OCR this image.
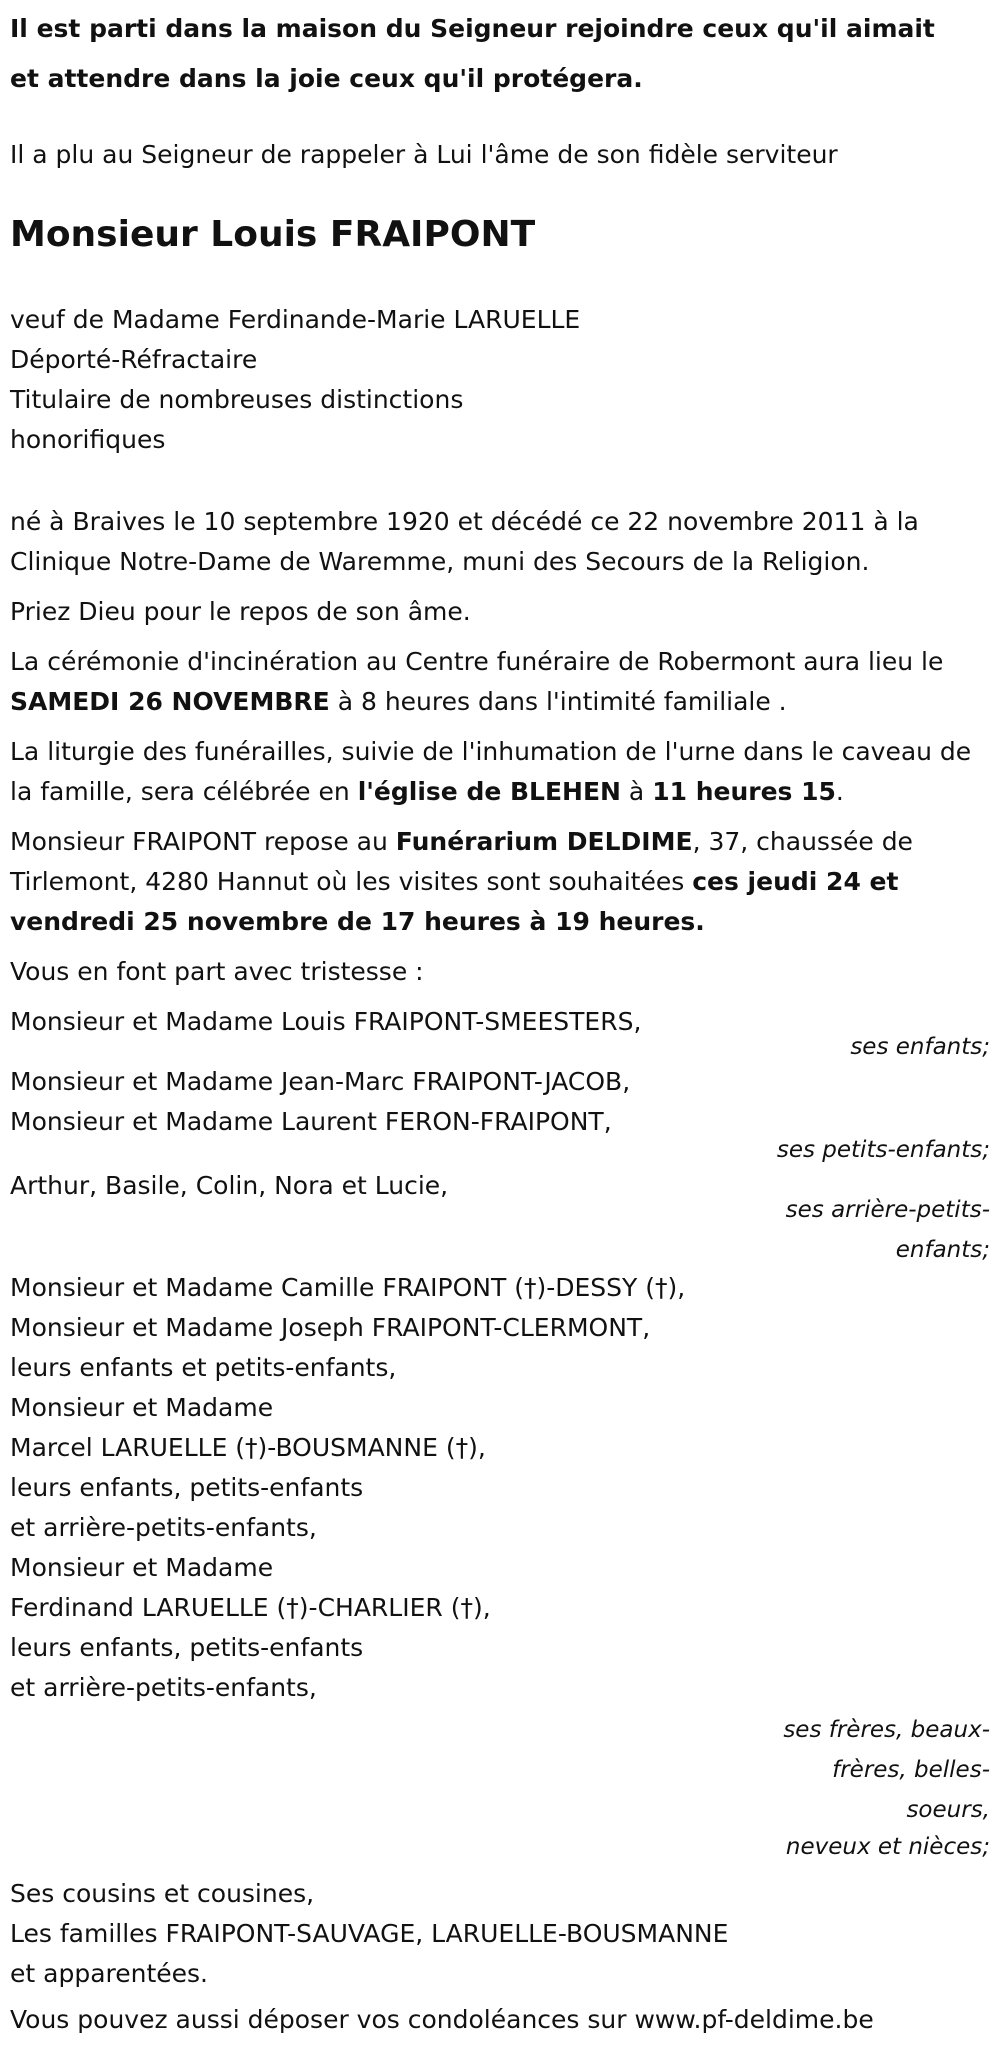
Il est parti dans la maison du Seigneur rejoindre ceux qu'il aimait

et attendre dans la joie ceux qu'il protégera.

Il a plu au Seigneur de rappeler à Lui l'âme de son fidèle serviteur

Monsieur Louis FRAIPONT

veuf de Madame Ferdinande-Marie LARUELLE

Déporté-Réfractaire

Titulaire de nombreuses distinctions

honorifiques

né à Braives le 10 septembre 1920 et décédé ce 22 novembre 2011 à la Clinique Notre-Dame de Waremme, muni des Secours de la Religion.

Priez Dieu pour le repos de son âme.

La cérémonie d'incinération au Centre funéraire de Robermont aura lieu le SAMEDI 26 NOVEMBRE à 8 heures dans l'intimité familiale .

La liturgie des funérailles, suivie de l'inhumation de l'urne dans le caveau de la famille, sera célébrée en l'église de BLEHEN à 11 heures 15.

Monsieur FRAIPONT repose au Funérarium DELDIME, 37, chaussée de Tirlemont, 4280 Hannut où les visites sont souhaitées ces jeudi 24 et vendredi 25 novembre de 17 heures à 19 heures.

Vous en font part avec tristesse :

Monsieur et Madame Louis FRAIPONT-SMEESTERS,

ses enfants;

Monsieur et Madame Jean-Marc FRAIPONT-JACOB,

Monsieur et Madame Laurent FERON-FRAIPONT,

ses petits-enfants;

Arthur, Basile, Colin, Nora et Lucie,

ses arrière-petits-enfants;

Monsieur et Madame Camille FRAIPONT (†)-DESSY (†),

Monsieur et Madame Joseph FRAIPONT-CLERMONT,

leurs enfants et petits-enfants,

Monsieur et Madame

Marcel LARUELLE (†)-BOUSMANNE (†),

leurs enfants, petits-enfants

et arrière-petits-enfants,

Monsieur et Madame

Ferdinand LARUELLE (†)-CHARLIER (†),

leurs enfants, petits-enfants

et arrière-petits-enfants,

ses frères, beaux-frères, belles-soeurs,

neveux et nièces;

Ses cousins et cousines,

Les familles FRAIPONT-SAUVAGE, LARUELLE-BOUSMANNE

et apparentées.

Vous pouvez aussi déposer vos condoléances sur www.pf-deldime.be
